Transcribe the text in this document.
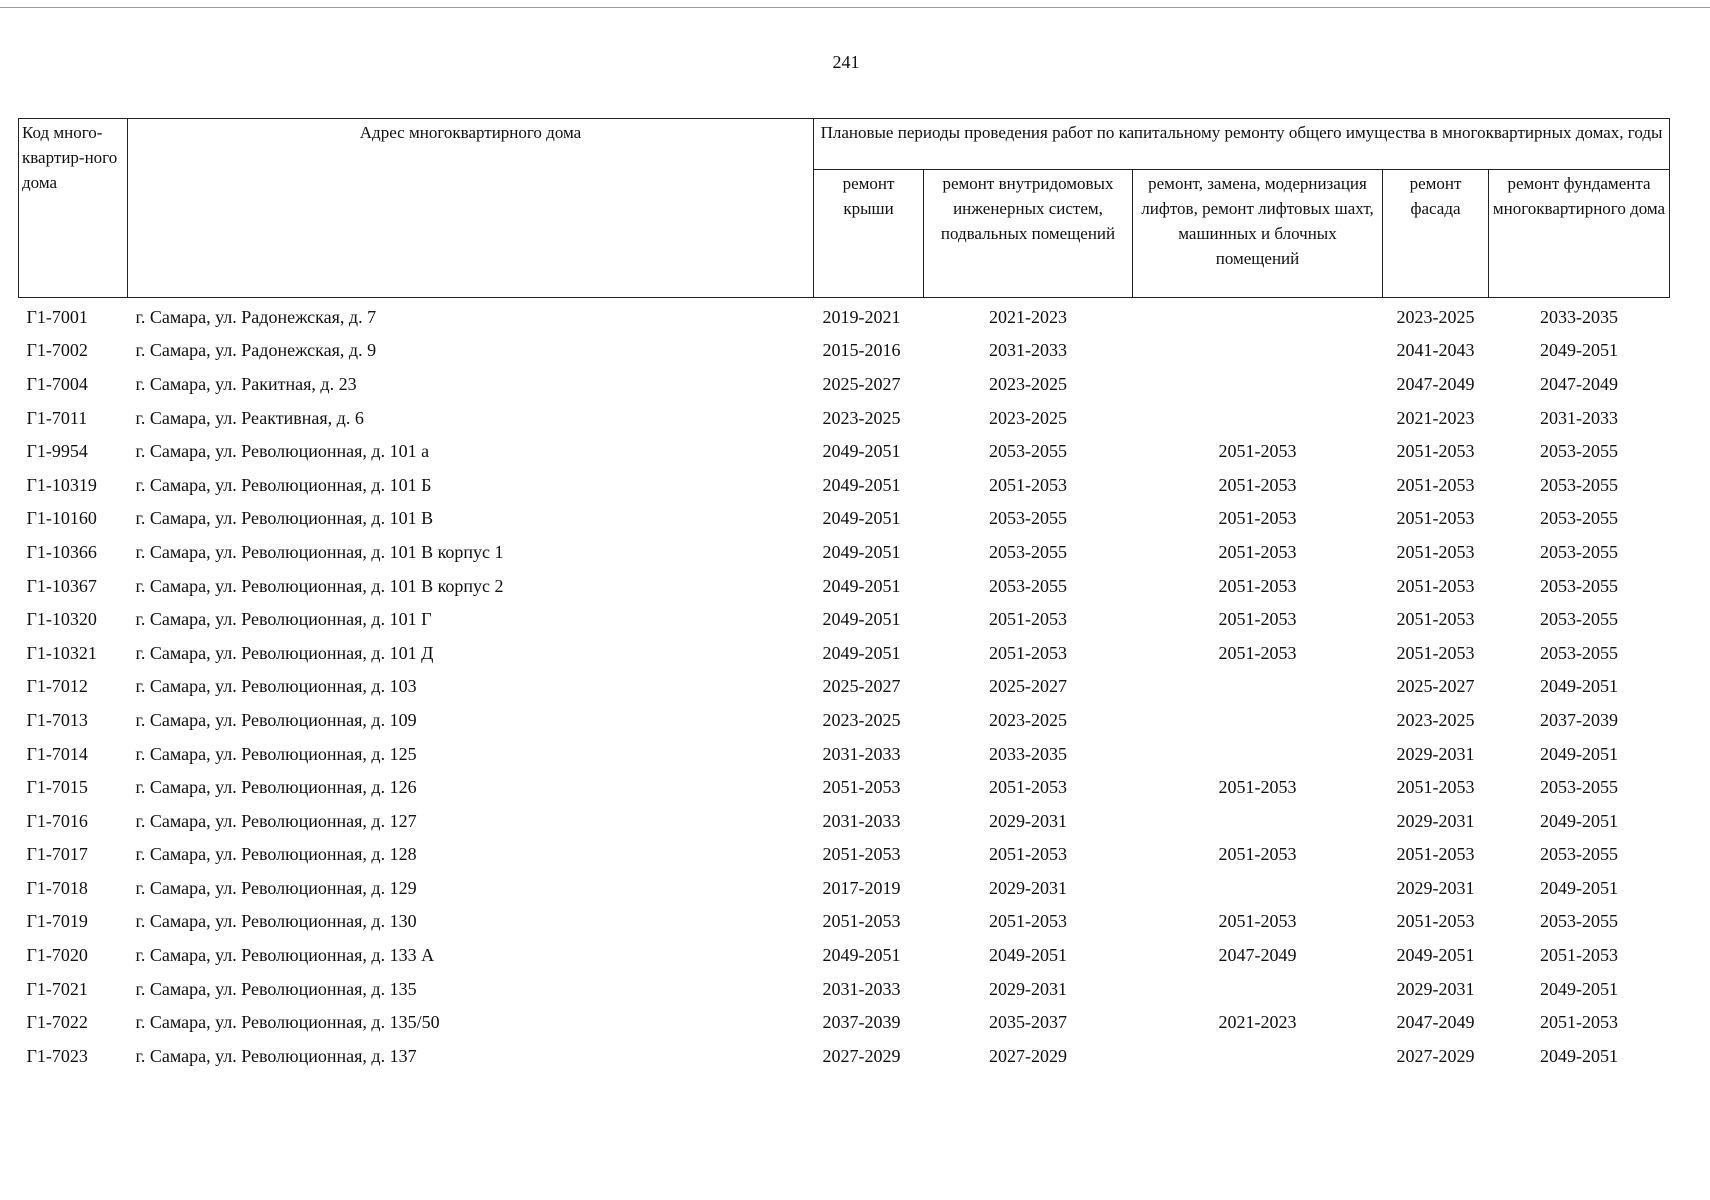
241
Код много-квартир-ного дома	Адрес многоквартирного дома	Плановые периоды проведения работ по капитальному ремонту общего имущества в многоквартирных домах, годы				
		ремонт крыши	ремонт внутридомовых инженерных систем, подвальных помещений	ремонт, замена, модернизация лифтов, ремонт лифтовых шахт, машинных и блочных помещений	ремонт фасада	ремонт фундамента многоквартирного дома
Г1-7001	г. Самара, ул. Радонежская, д. 7	2019-2021	2021-2023		2023-2025	2033-2035
Г1-7002	г. Самара, ул. Радонежская, д. 9	2015-2016	2031-2033		2041-2043	2049-2051
Г1-7004	г. Самара, ул. Ракитная, д. 23	2025-2027	2023-2025		2047-2049	2047-2049
Г1-7011	г. Самара, ул. Реактивная, д. 6	2023-2025	2023-2025		2021-2023	2031-2033
Г1-9954	г. Самара, ул. Революционная, д. 101 а	2049-2051	2053-2055	2051-2053	2051-2053	2053-2055
Г1-10319	г. Самара, ул. Революционная, д. 101 Б	2049-2051	2051-2053	2051-2053	2051-2053	2053-2055
Г1-10160	г. Самара, ул. Революционная, д. 101 В	2049-2051	2053-2055	2051-2053	2051-2053	2053-2055
Г1-10366	г. Самара, ул. Революционная, д. 101 В корпус 1	2049-2051	2053-2055	2051-2053	2051-2053	2053-2055
Г1-10367	г. Самара, ул. Революционная, д. 101 В корпус 2	2049-2051	2053-2055	2051-2053	2051-2053	2053-2055
Г1-10320	г. Самара, ул. Революционная, д. 101 Г	2049-2051	2051-2053	2051-2053	2051-2053	2053-2055
Г1-10321	г. Самара, ул. Революционная, д. 101 Д	2049-2051	2051-2053	2051-2053	2051-2053	2053-2055
Г1-7012	г. Самара, ул. Революционная, д. 103	2025-2027	2025-2027		2025-2027	2049-2051
Г1-7013	г. Самара, ул. Революционная, д. 109	2023-2025	2023-2025		2023-2025	2037-2039
Г1-7014	г. Самара, ул. Революционная, д. 125	2031-2033	2033-2035		2029-2031	2049-2051
Г1-7015	г. Самара, ул. Революционная, д. 126	2051-2053	2051-2053	2051-2053	2051-2053	2053-2055
Г1-7016	г. Самара, ул. Революционная, д. 127	2031-2033	2029-2031		2029-2031	2049-2051
Г1-7017	г. Самара, ул. Революционная, д. 128	2051-2053	2051-2053	2051-2053	2051-2053	2053-2055
Г1-7018	г. Самара, ул. Революционная, д. 129	2017-2019	2029-2031		2029-2031	2049-2051
Г1-7019	г. Самара, ул. Революционная, д. 130	2051-2053	2051-2053	2051-2053	2051-2053	2053-2055
Г1-7020	г. Самара, ул. Революционная, д. 133 А	2049-2051	2049-2051	2047-2049	2049-2051	2051-2053
Г1-7021	г. Самара, ул. Революционная, д. 135	2031-2033	2029-2031		2029-2031	2049-2051
Г1-7022	г. Самара, ул. Революционная, д. 135/50	2037-2039	2035-2037	2021-2023	2047-2049	2051-2053
Г1-7023	г. Самара, ул. Революционная, д. 137	2027-2029	2027-2029		2027-2029	2049-2051
